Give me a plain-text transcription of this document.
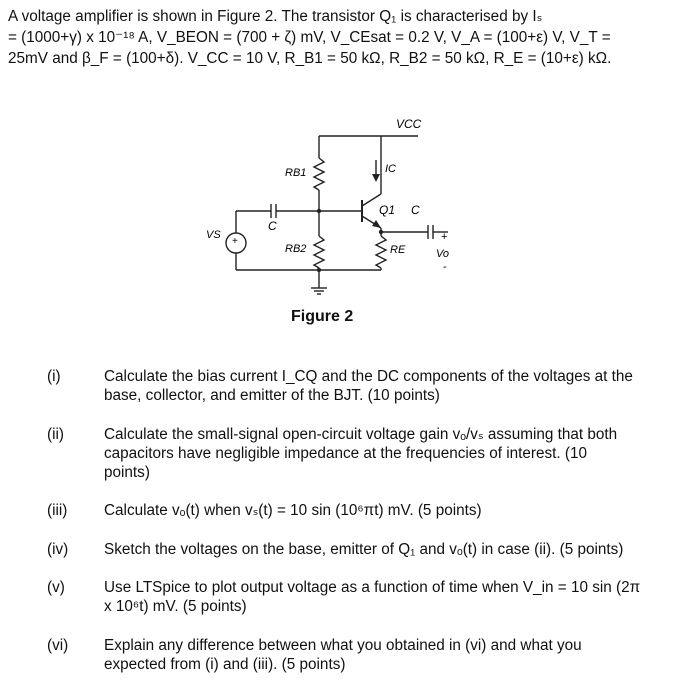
A voltage amplifier is shown in Figure 2. The transistor Q₁ is characterised by Iₛ
= (1000+γ) x 10⁻¹⁸ A, V_BEON = (700 + ζ) mV, V_CEsat = 0.2 V, V_A = (100+ε) V, V_T =
25mV and β_F = (100+δ). V_CC = 10 V, R_B1 = 50 kΩ, R_B2 = 50 kΩ, R_E = (10+ε) kΩ.
VCC
RB1
RB2	RE
IC
Q1 C
C
VS
+	+
Vo
-
Figure 2
(i)	Calculate the bias current I_CQ and the DC components of the voltages at the
base, collector, and emitter of the BJT. (10 points)
(ii)	Calculate the small-signal open-circuit voltage gain vₒ/vₛ assuming that both
capacitors have negligible impedance at the frequencies of interest. (10
points)
(iii) Calculate vₒ(t) when vₛ(t) = 10 sin (10⁶πt) mV. (5 points)
(iv) Sketch the voltages on the base, emitter of Q₁ and vₒ(t) in case (ii). (5 points)
(v)	Use LTSpice to plot output voltage as a function of time when V_in = 10 sin (2π
x 10⁶t) mV. (5 points)
(vi) Explain any difference between what you obtained in (vi) and what you
expected from (i) and (iii). (5 points)
